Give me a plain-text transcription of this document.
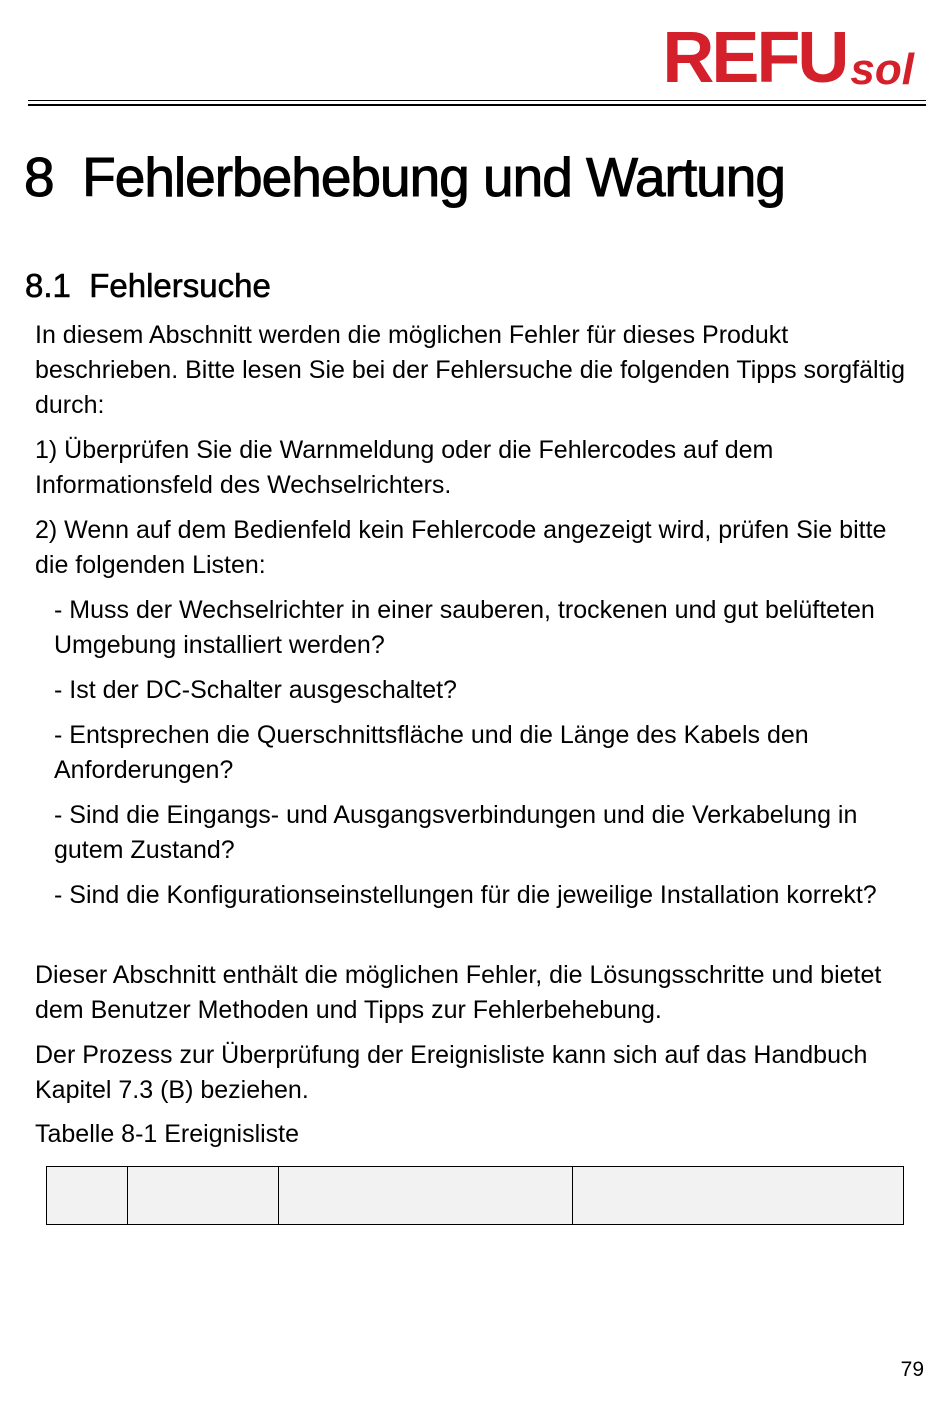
REFU sol
8 Fehlerbehebung und Wartung
8.1 Fehlersuche

In diesem Abschnitt werden die möglichen Fehler für dieses Produkt beschrieben. Bitte lesen Sie bei der Fehlersuche die folgenden Tipps sorgfältig durch:

1) Überprüfen Sie die Warnmeldung oder die Fehlercodes auf dem Informationsfeld des Wechselrichters.

2) Wenn auf dem Bedienfeld kein Fehlercode angezeigt wird, prüfen Sie bitte die folgenden Listen:

- Muss der Wechselrichter in einer sauberen, trockenen und gut belüfteten Umgebung installiert werden?

- Ist der DC-Schalter ausgeschaltet?

- Entsprechen die Querschnittsfläche und die Länge des Kabels den Anforderungen?

- Sind die Eingangs- und Ausgangsverbindungen und die Verkabelung in gutem Zustand?

- Sind die Konfigurationseinstellungen für die jeweilige Installation korrekt?

Dieser Abschnitt enthält die möglichen Fehler, die Lösungsschritte und bietet dem Benutzer Methoden und Tipps zur Fehlerbehebung.

Der Prozess zur Überprüfung der Ereignisliste kann sich auf das Handbuch Kapitel 7.3 (B) beziehen.

Tabelle 8-1 Ereignisliste

79
